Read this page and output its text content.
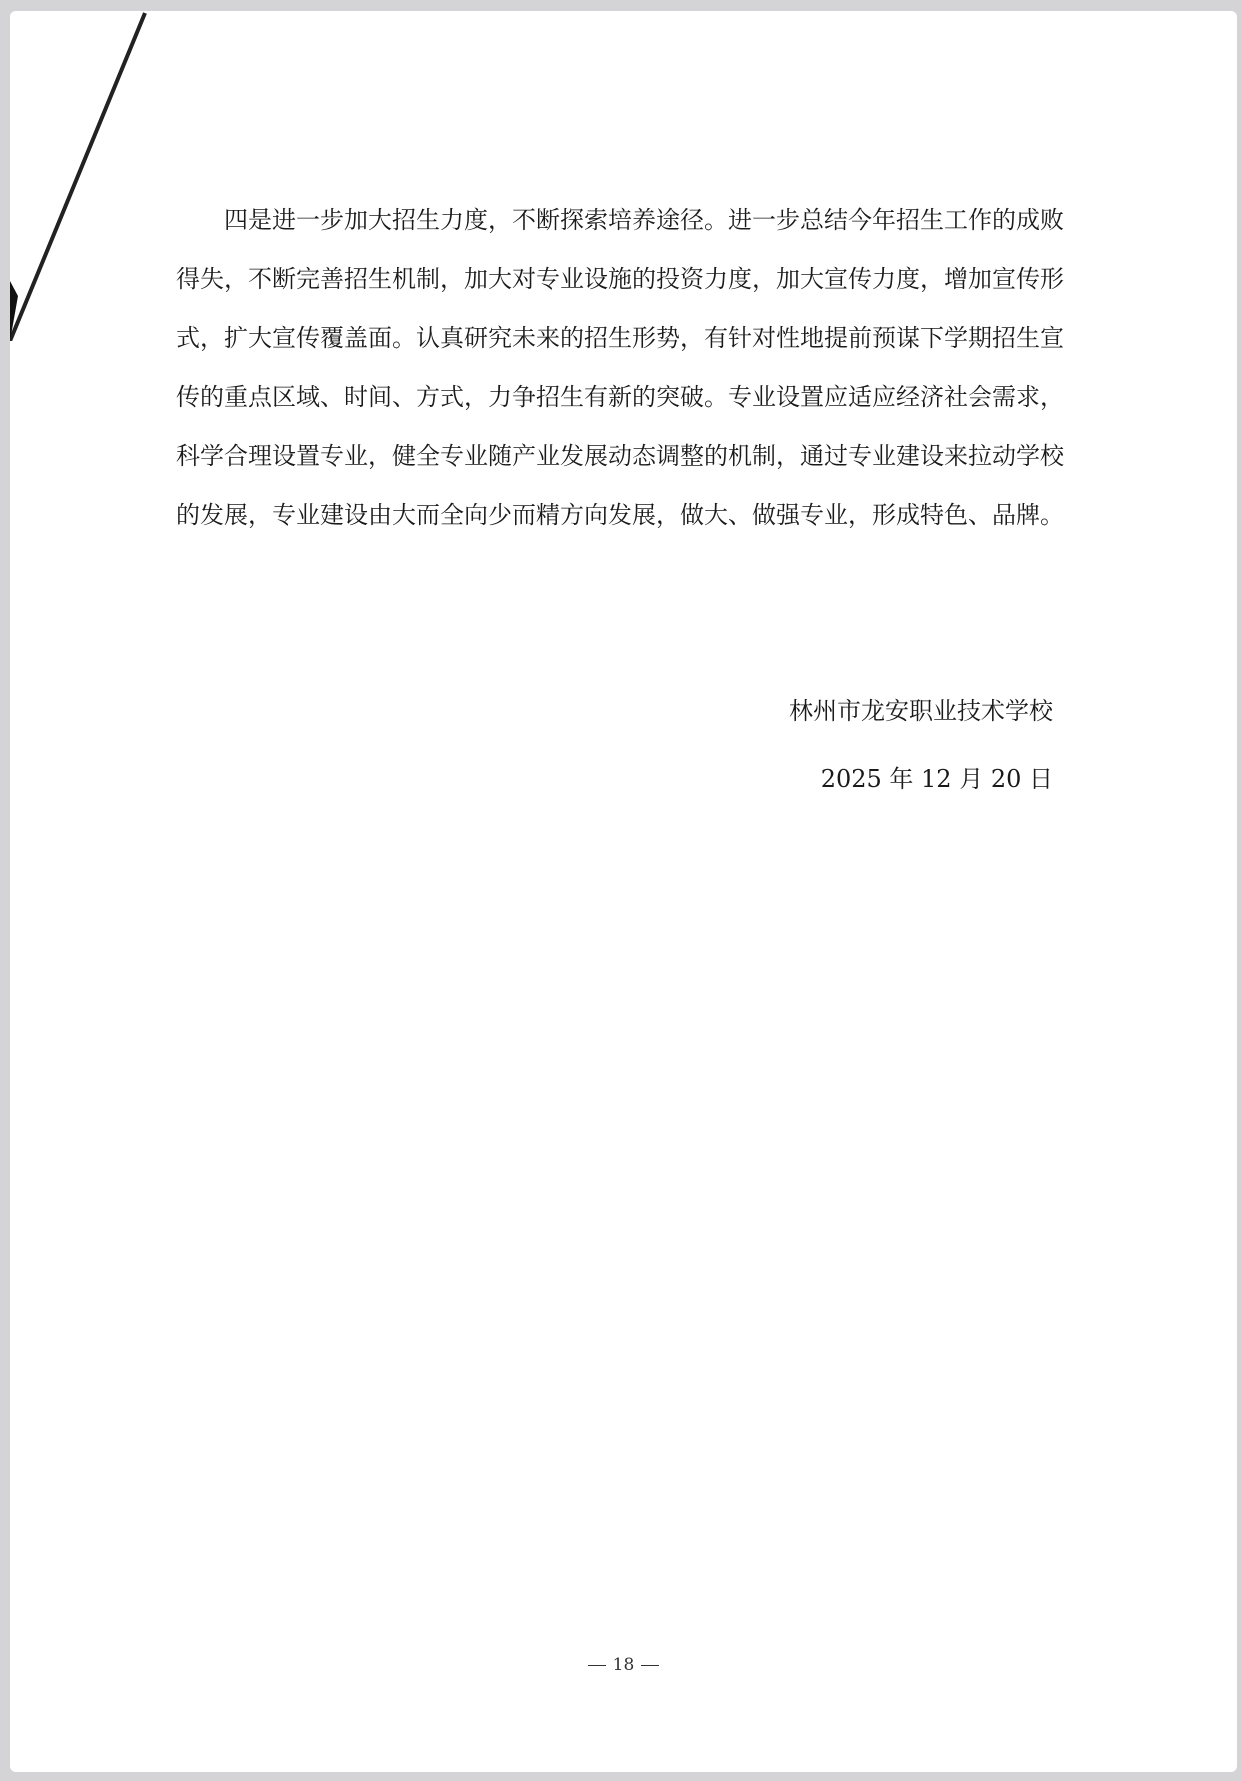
四是进一步加大招生力度，不断探索培养途径。进一步总结今年招生工作的成败得失，不断完善招生机制，加大对专业设施的投资力度，加大宣传力度，增加宣传形式，扩大宣传覆盖面。认真研究未来的招生形势，有针对性地提前预谋下学期招生宣传的重点区域、时间、方式，力争招生有新的突破。专业设置应适应经济社会需求，科学合理设置专业，健全专业随产业发展动态调整的机制，通过专业建设来拉动学校的发展，专业建设由大而全向少而精方向发展，做大、做强专业，形成特色、品牌。

林州市龙安职业技术学校
2025 年 12 月 20 日
18
